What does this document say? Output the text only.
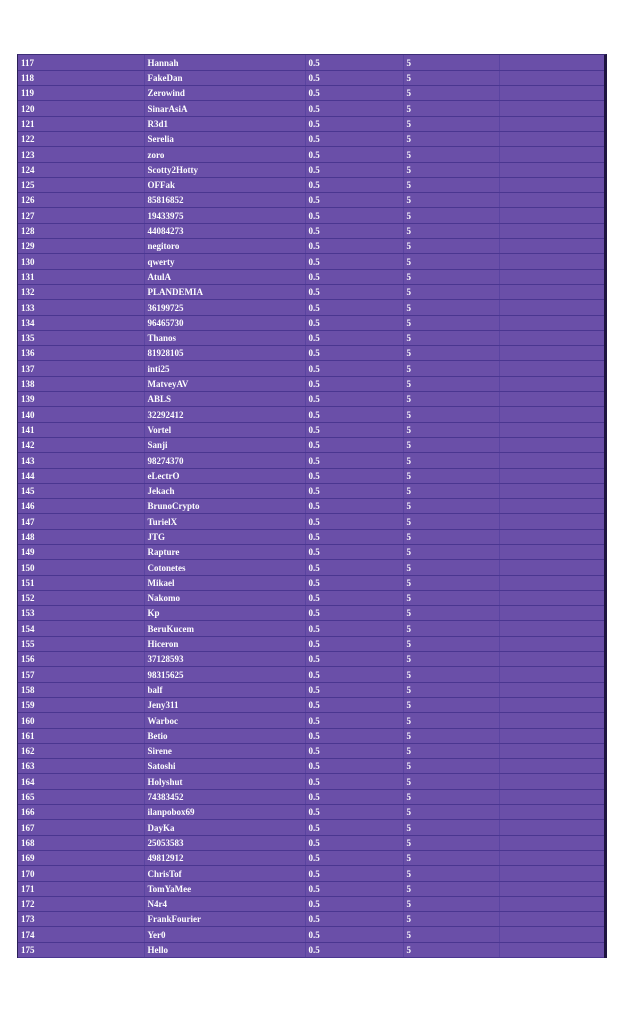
117	Hannah	0.5	5	
118	FakeDan	0.5	5	
119	Zerowind	0.5	5	
120	SinarAsiA	0.5	5	
121	R3d1	0.5	5	
122	Serelia	0.5	5	
123	zoro	0.5	5	
124	Scotty2Hotty	0.5	5	
125	OFFak	0.5	5	
126	85816852	0.5	5	
127	19433975	0.5	5	
128	44084273	0.5	5	
129	negitoro	0.5	5	
130	qwerty	0.5	5	
131	AtulA	0.5	5	
132	PLANDEMIA	0.5	5	
133	36199725	0.5	5	
134	96465730	0.5	5	
135	Thanos	0.5	5	
136	81928105	0.5	5	
137	inti25	0.5	5	
138	MatveyAV	0.5	5	
139	ABLS	0.5	5	
140	32292412	0.5	5	
141	Vortel	0.5	5	
142	Sanji	0.5	5	
143	98274370	0.5	5	
144	eLectrO	0.5	5	
145	Jekach	0.5	5	
146	BrunoCrypto	0.5	5	
147	TurielX	0.5	5	
148	JTG	0.5	5	
149	Rapture	0.5	5	
150	Cotonetes	0.5	5	
151	Mikael	0.5	5	
152	Nakomo	0.5	5	
153	Kp	0.5	5	
154	BeruKucem	0.5	5	
155	Hiceron	0.5	5	
156	37128593	0.5	5	
157	98315625	0.5	5	
158	balf	0.5	5	
159	Jeny311	0.5	5	
160	Warboc	0.5	5	
161	Betio	0.5	5	
162	Sirene	0.5	5	
163	Satoshi	0.5	5	
164	Holyshut	0.5	5	
165	74383452	0.5	5	
166	ilanpobox69	0.5	5	
167	DayKa	0.5	5	
168	25053583	0.5	5	
169	49812912	0.5	5	
170	ChrisTof	0.5	5	
171	TomYaMee	0.5	5	
172	N4r4	0.5	5	
173	FrankFourier	0.5	5	
174	Yer0	0.5	5	
175	Hello	0.5	5	
